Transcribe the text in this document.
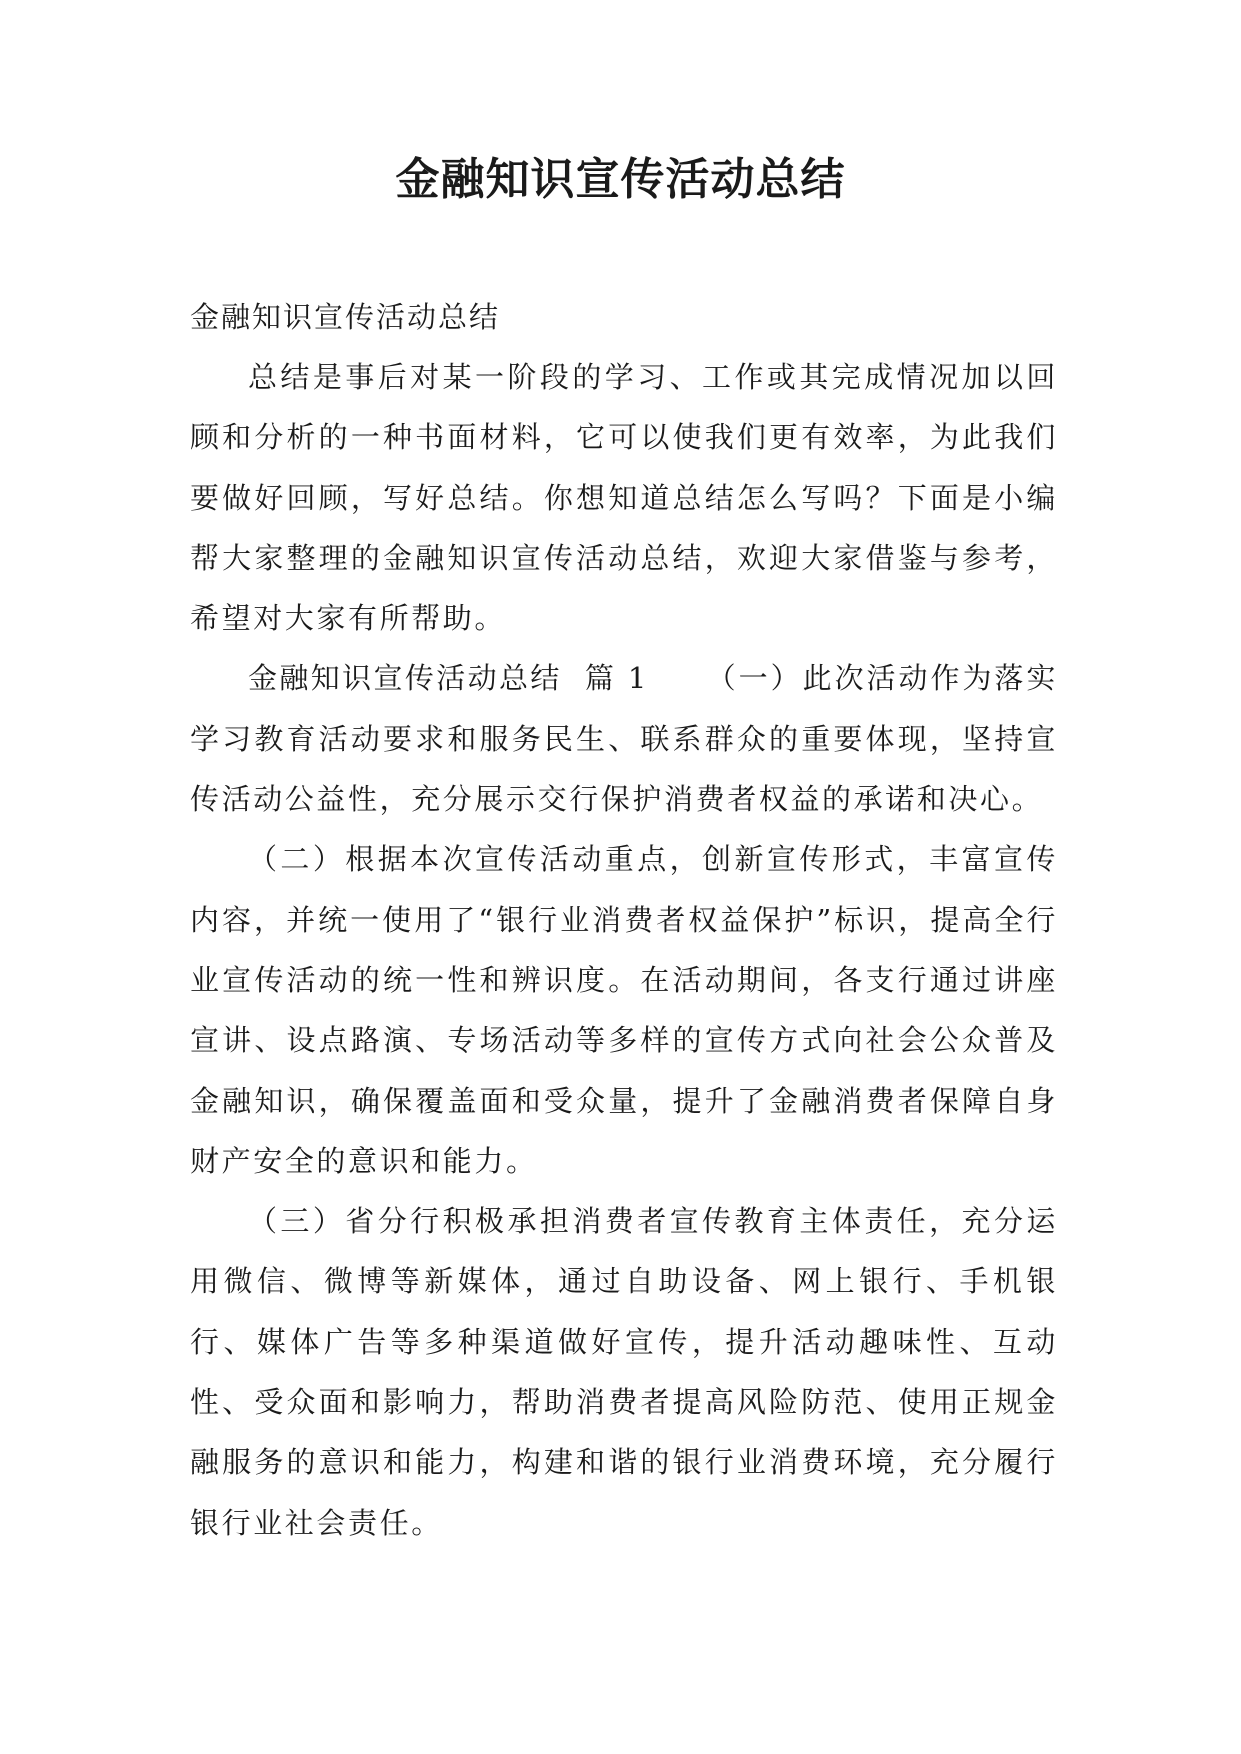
金融知识宣传活动总结

金融知识宣传活动总结

总结是事后对某一阶段的学习、工作或其完成情况加以回顾和分析的一种书面材料，它可以使我们更有效率，为此我们要做好回顾，写好总结。你想知道总结怎么写吗？下面是小编帮大家整理的金融知识宣传活动总结，欢迎大家借鉴与参考，希望对大家有所帮助。

金融知识宣传活动总结  篇 1 （一）此次活动作为落实学习教育活动要求和服务民生、联系群众的重要体现，坚持宣传活动公益性，充分展示交行保护消费者权益的承诺和决心。

（二）根据本次宣传活动重点，创新宣传形式，丰富宣传内容，并统一使用了“银行业消费者权益保护”标识，提高全行业宣传活动的统一性和辨识度。在活动期间，各支行通过讲座宣讲、设点路演、专场活动等多样的宣传方式向社会公众普及金融知识，确保覆盖面和受众量，提升了金融消费者保障自身财产安全的意识和能力。

（三）省分行积极承担消费者宣传教育主体责任，充分运用微信、微博等新媒体，通过自助设备、网上银行、手机银行、媒体广告等多种渠道做好宣传，提升活动趣味性、互动性、受众面和影响力，帮助消费者提高风险防范、使用正规金融服务的意识和能力，构建和谐的银行业消费环境，充分履行银行业社会责任。
